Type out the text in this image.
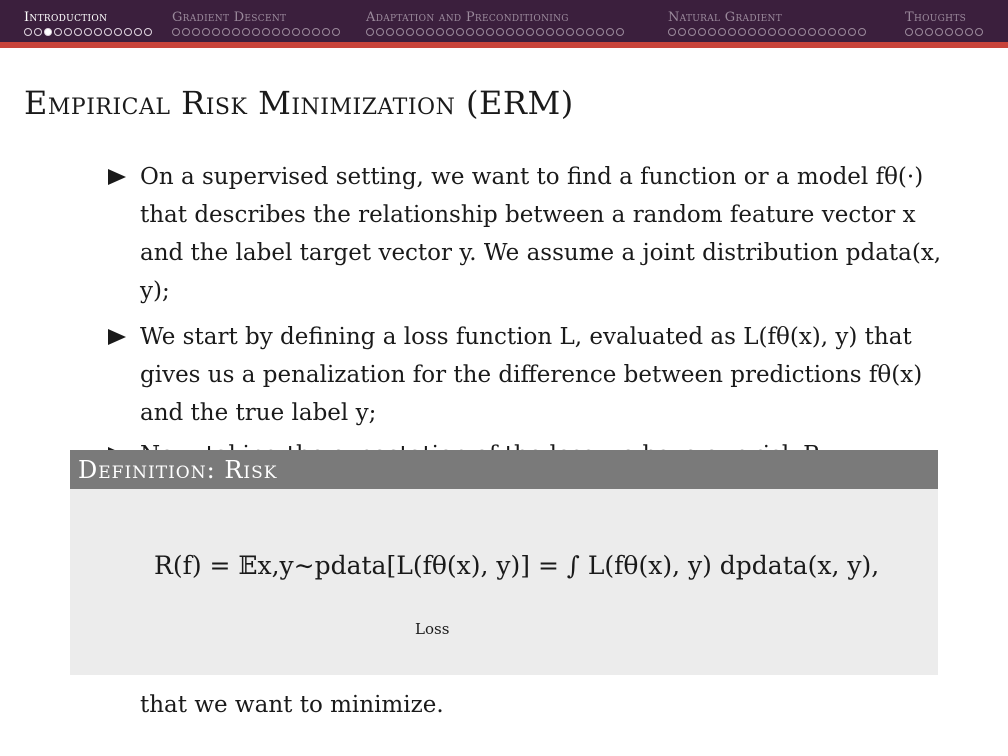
Introduction	Gradient Descent	Adaptation and Preconditioning	Natural Gradient	Thoughts
Empirical Risk Minimization (ERM)
On a supervised setting, we want to find a function or a model fθ(·) that describes the relationship between a random feature vector x and the label target vector y. We assume a joint distribution pdata(x, y);
We start by defining a loss function L, evaluated as L(fθ(x), y) that gives us a penalization for the difference between predictions fθ(x) and the true label y;
Definition: Risk
R(f) = 𝔼x,y∼pdata[L(fθ(x), y)] = ∫ L(fθ(x), y) dpdata(x, y),
Loss
that we want to minimize.
